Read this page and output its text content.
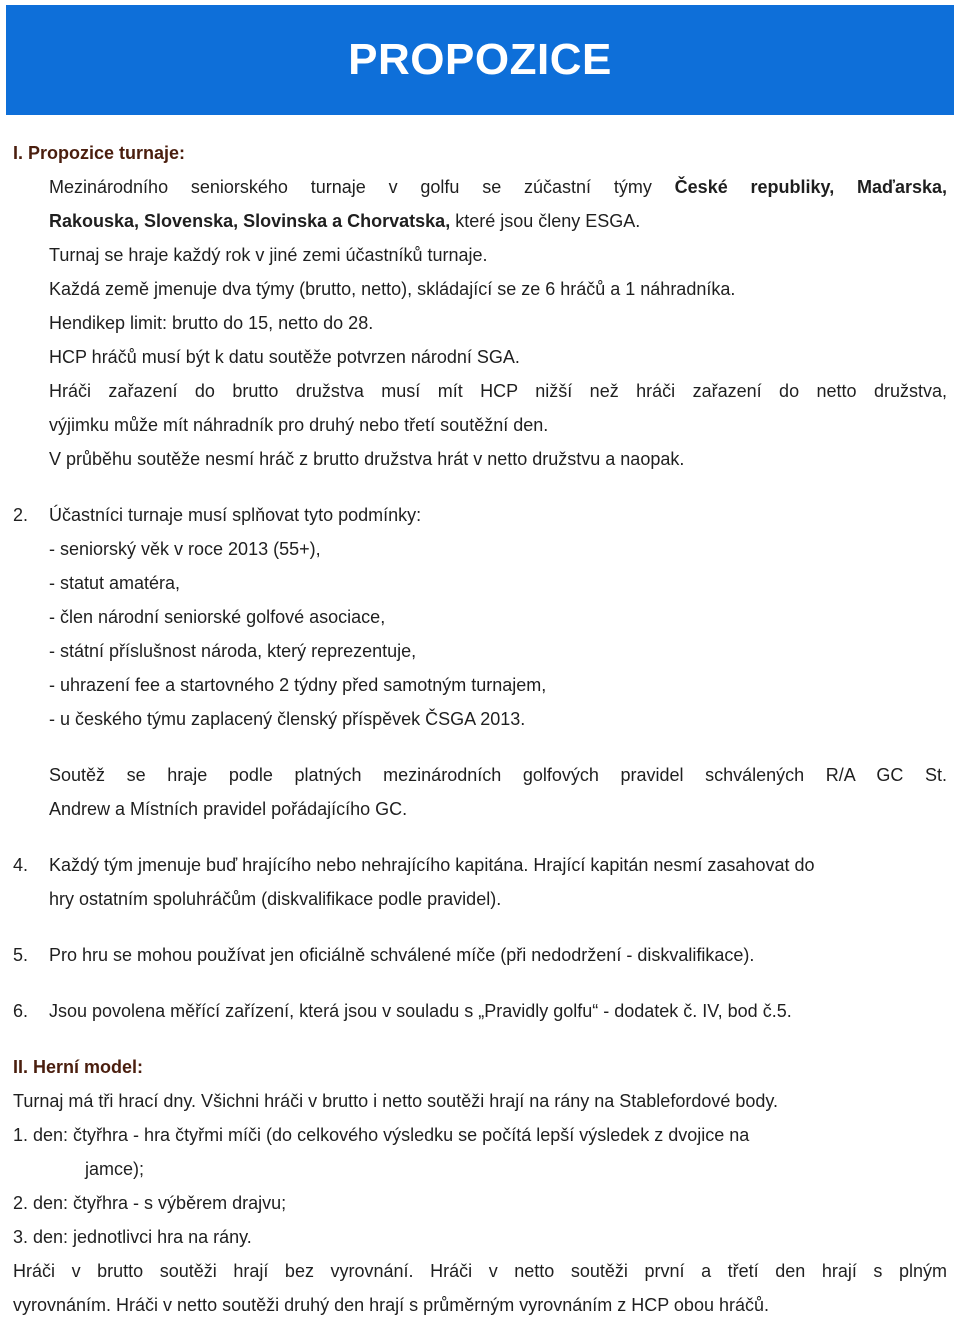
PROPOZICE

I. Propozice turnaje:

Mezinárodního seniorského turnaje v golfu se zúčastní týmy České republiky, Maďarska,

Rakouska, Slovenska, Slovinska a Chorvatska, které jsou členy ESGA.

Turnaj se hraje každý rok v jiné zemi účastníků turnaje.

Každá země jmenuje dva týmy (brutto, netto), skládající se ze 6 hráčů a 1 náhradníka.

Hendikep limit: brutto do 15, netto do 28.

HCP hráčů musí být k datu soutěže potvrzen národní SGA.

Hráči zařazení do brutto družstva musí mít HCP nižší než hráči zařazení do netto družstva,

výjimku může mít náhradník pro druhý nebo třetí soutěžní den.

V průběhu soutěže nesmí hráč z brutto družstva hrát v netto družstvu a naopak.

2. Účastníci turnaje musí splňovat tyto podmínky:

- seniorský věk v roce 2013 (55+),

- statut amatéra,

- člen národní seniorské golfové asociace,

- státní příslušnost národa, který reprezentuje,

- uhrazení fee a startovného 2 týdny před samotným turnajem,

- u českého týmu zaplacený členský příspěvek ČSGA 2013.

Soutěž se hraje podle platných mezinárodních golfových pravidel schválených R/A GC St.

Andrew a Místních pravidel pořádajícího GC.

4. Každý tým jmenuje buď hrajícího nebo nehrajícího kapitána. Hrající kapitán nesmí zasahovat do

hry ostatním spoluhráčům (diskvalifikace podle pravidel).

5. Pro hru se mohou používat jen oficiálně schválené míče (při nedodržení - diskvalifikace).

6. Jsou povolena měřící zařízení, která jsou v souladu s „Pravidly golfu“ - dodatek č. IV, bod č.5.

II. Herní model:

Turnaj má tři hrací dny. Všichni hráči v brutto i netto soutěži hrají na rány na Stablefordové body.

1. den: čtyřhra - hra čtyřmi míči (do celkového výsledku se počítá lepší výsledek z dvojice na

jamce);

2. den: čtyřhra - s výběrem drajvu;

3. den: jednotlivci hra na rány.

Hráči v brutto soutěži hrají bez vyrovnání. Hráči v netto soutěži první a třetí den hrají s plným

vyrovnáním. Hráči v netto soutěži druhý den hrají s průměrným vyrovnáním z HCP obou hráčů.
